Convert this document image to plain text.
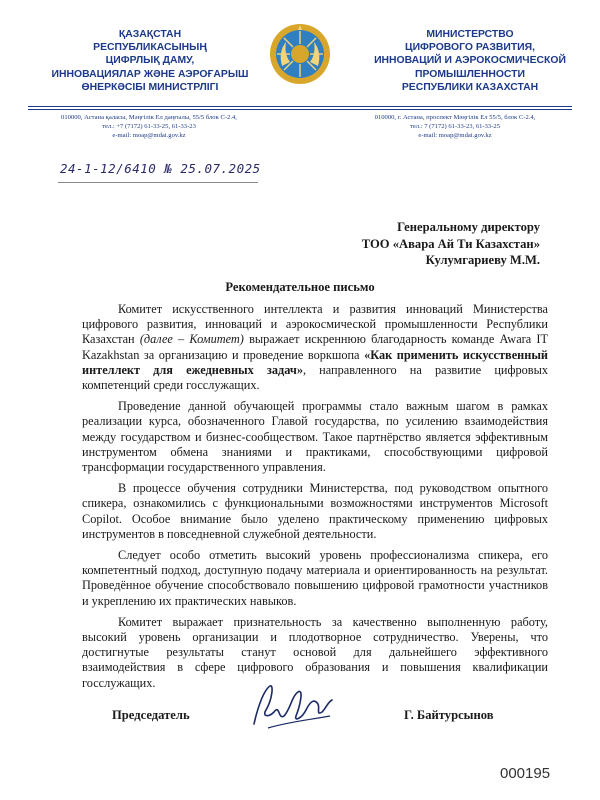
ҚАЗАҚСТАН
РЕСПУБЛИКАСЫНЫҢ
ЦИФРЛЫҚ ДАМУ,
ИННОВАЦИЯЛАР ЖӘНЕ АЭРОҒАРЫШ
ӨНЕРКӘСІБІ МИНИСТРЛІГІ
МИНИСТЕРСТВО
ЦИФРОВОГО РАЗВИТИЯ,
ИННОВАЦИЙ И АЭРОКОСМИЧЕСКОЙ
ПРОМЫШЛЕННОСТИ
РЕСПУБЛИКИ КАЗАХСТАН
010000, Астана қаласы, Мәңгілік Ел даңғылы, 55/5 блок С-2.4,
тел.: +7 (7172) 61-33-25, 61-33-23
e-mail: moap@mdai.gov.kz
010000, г. Астана, проспект Мәңгілік Ел 55/5, блок С-2.4,
тел.: 7 (7172) 61-33-23, 61-33-25
e-mail: moap@mdai.gov.kz
24-1-12/6410 № 25.07.2025
Генеральному директору
ТОО «Авара Ай Ти Казахстан»
Кулумгариеву М.М.
Рекомендательное письмо

Комитет искусственного интеллекта и развития инноваций Министерства цифрового развития, инноваций и аэрокосмической промышленности Республики Казахстан (далее – Комитет) выражает искреннюю благодарность команде Awara IT Kazakhstan за организацию и проведение воркшопа «Как применить искусственный интеллект для ежедневных задач», направленного на развитие цифровых компетенций среди госслужащих.

Проведение данной обучающей программы стало важным шагом в рамках реализации курса, обозначенного Главой государства, по усилению взаимодействия между государством и бизнес-сообществом. Такое партнёрство является эффективным инструментом обмена знаниями и практиками, способствующими цифровой трансформации государственного управления.

В процессе обучения сотрудники Министерства, под руководством опытного спикера, ознакомились с функциональными возможностями инструментов Microsoft Copilot. Особое внимание было уделено практическому применению цифровых инструментов в повседневной служебной деятельности.

Следует особо отметить высокий уровень профессионализма спикера, его компетентный подход, доступную подачу материала и ориентированность на результат. Проведённое обучение способствовало повышению цифровой грамотности участников и укреплению их практических навыков.

Комитет выражает признательность за качественно выполненную работу, высокий уровень организации и плодотворное сотрудничество. Уверены, что достигнутые результаты станут основой для дальнейшего эффективного взаимодействия в сфере цифрового образования и повышения квалификации госслужащих.

Председатель	Г. Байтурсынов
000195
